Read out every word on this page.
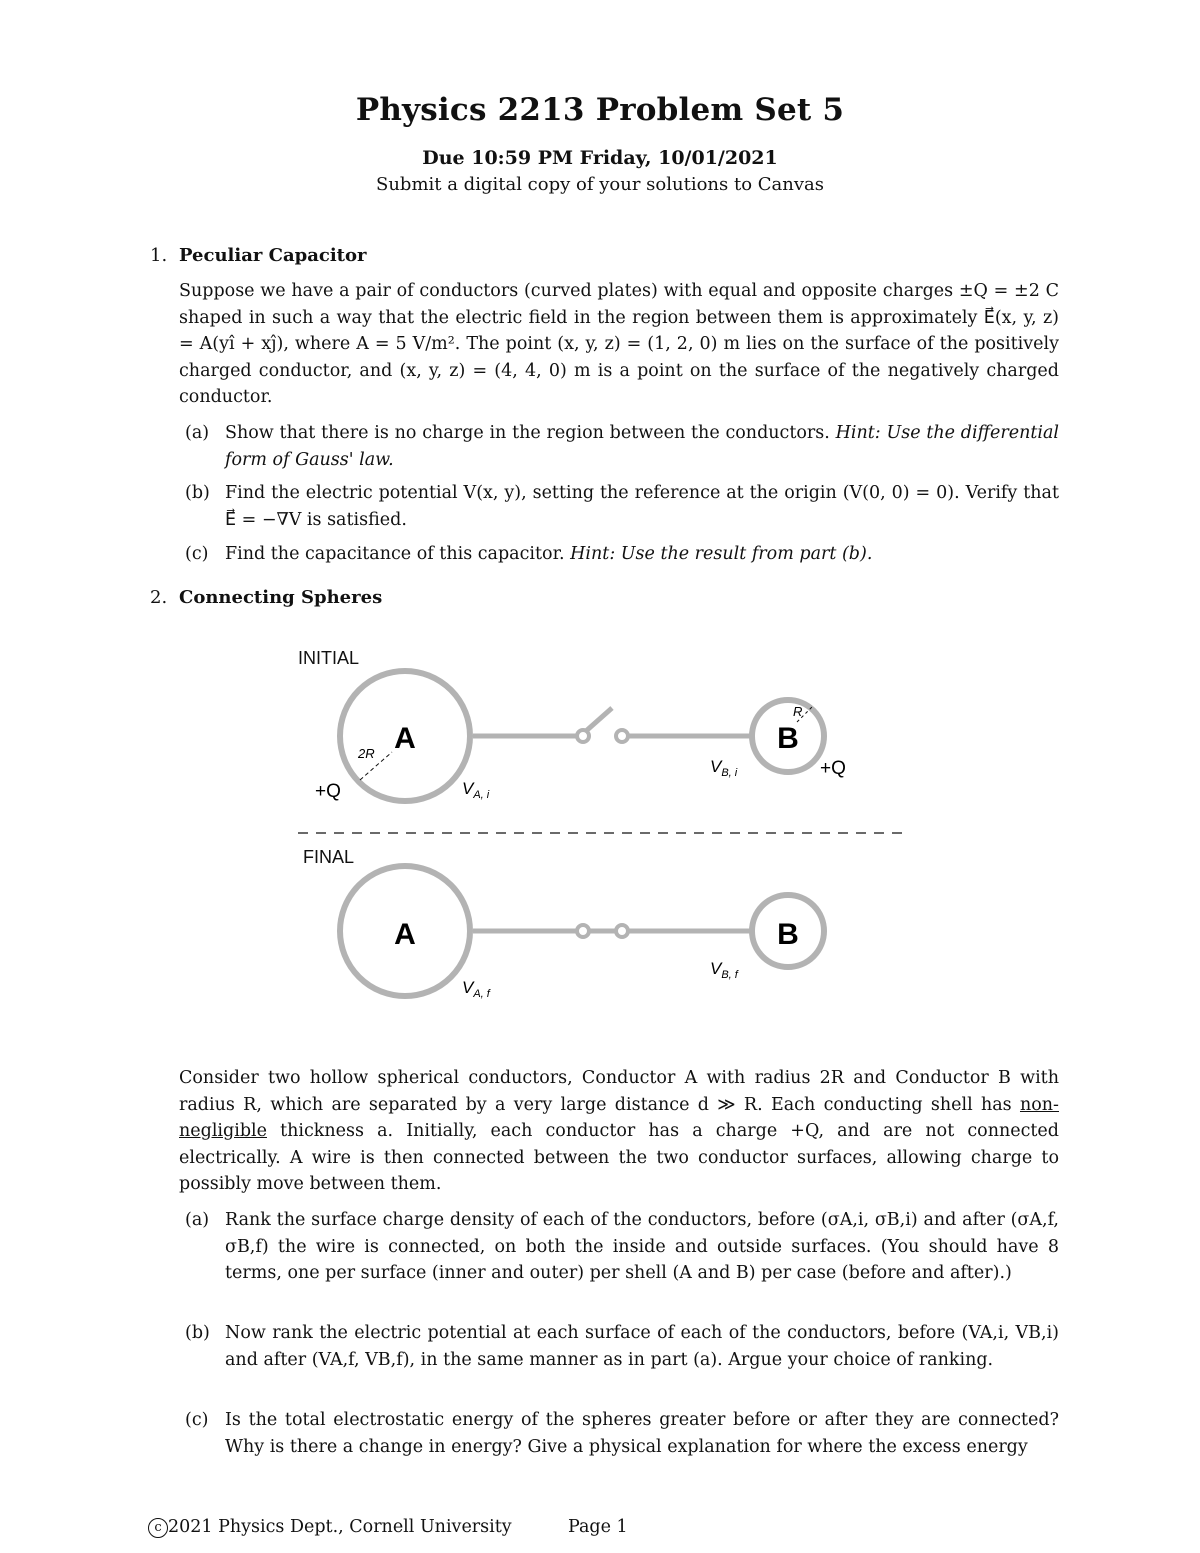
Physics 2213 Problem Set 5
Due 10:59 PM Friday, 10/01/2021
Submit a digital copy of your solutions to Canvas
1. Peculiar Capacitor
Suppose we have a pair of conductors (curved plates) with equal and opposite charges ±Q = ±2 C shaped in such a way that the electric field in the region between them is approximately E⃗(x, y, z) = A(yî + xĵ), where A = 5 V/m². The point (x, y, z) = (1, 2, 0) m lies on the surface of the positively charged conductor, and (x, y, z) = (4, 4, 0) m is a point on the surface of the negatively charged conductor.
(a) Show that there is no charge in the region between the conductors. Hint: Use the differential form of Gauss' law.
(b) Find the electric potential V(x, y), setting the reference at the origin (V(0, 0) = 0). Verify that E⃗ = −∇V is satisfied.
(c) Find the capacitance of this capacitor. Hint: Use the result from part (b).
2. Connecting Spheres
INITIAL
2R A
+Q	$V_{A, i}$
R
B
$V_{B, i}$	+Q
FINAL
A
$V_{A, f}$
B
$V_{B, f}$
Consider two hollow spherical conductors, Conductor A with radius 2R and Conductor B with radius R, which are separated by a very large distance d ≫ R. Each conducting shell has non-negligible thickness a. Initially, each conductor has a charge +Q, and are not connected electrically. A wire is then connected between the two conductor surfaces, allowing charge to possibly move between them.
(a) Rank the surface charge density of each of the conductors, before (σA,i, σB,i) and after (σA,f, σB,f) the wire is connected, on both the inside and outside surfaces. (You should have 8 terms, one per surface (inner and outer) per shell (A and B) per case (before and after).)
(b) Now rank the electric potential at each surface of each of the conductors, before (VA,i, VB,i) and after (VA,f, VB,f), in the same manner as in part (a). Argue your choice of ranking.
(c) Is the total electrostatic energy of the spheres greater before or after they are connected? Why is there a change in energy? Give a physical explanation for where the excess energy
c 2021 Physics Dept., Cornell University	Page 1
